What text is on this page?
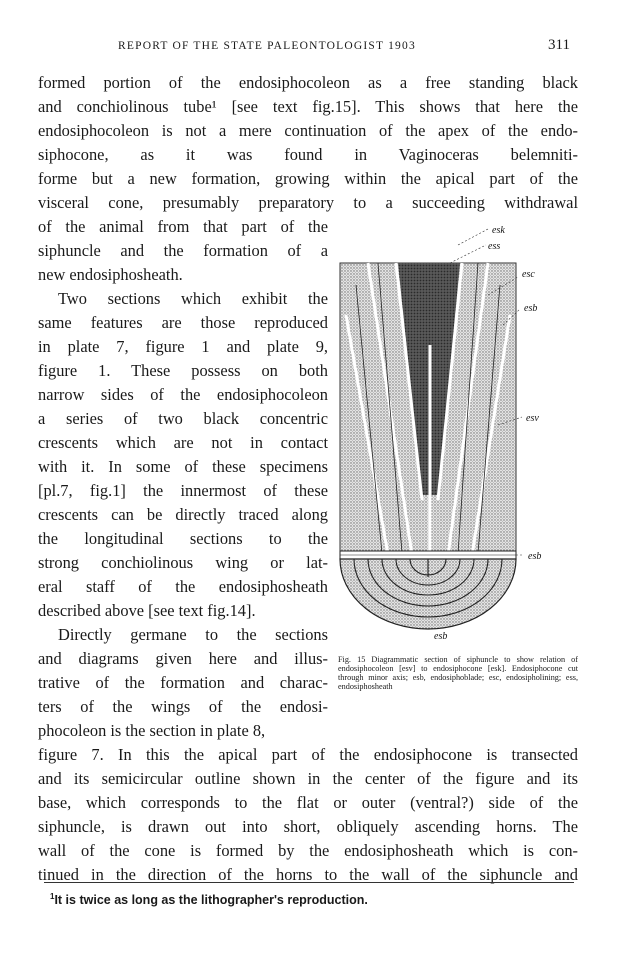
REPORT OF THE STATE PALEONTOLOGIST 1903	311
formed portion of the endosiphocoleon as a free standing black
and conchiolinous tube¹ [see text fig.15]. This shows that here the
endosiphocoleon is not a mere continuation of the apex of the endo-
siphocone, as it was found in Vaginoceras belemniti-
forme but a new formation, growing within the apical part of the
visceral cone, presumably preparatory to a succeeding withdrawal
of the animal from that part of the
siphuncle and the formation of a
new endosiphosheath.
Two sections which exhibit the
same features are those reproduced
in plate 7, figure 1 and plate 9,
figure 1. These possess on both
narrow sides of the endosiphocoleon
a series of two black concentric
crescents which are not in contact
with it. In some of these specimens
[pl.7, fig.1] the innermost of these
crescents can be directly traced along
the longitudinal sections to the
strong conchiolinous wing or lat-
eral staff of the endosiphosheath
described above [see text fig.14].
Directly germane to the sections
and diagrams given here and illus-
trative of the formation and charac-
ters of the wings of the endosi-
phocoleon is the section in plate 8,
figure 7. In this the apical part of the endosiphocone is transected
and its semicircular outline shown in the center of the figure and its
base, which corresponds to the flat or outer (ventral?) side of the
siphuncle, is drawn out into short, obliquely ascending horns. The
wall of the cone is formed by the endosiphosheath which is con-
tinued in the direction of the horns to the wall of the siphuncle and
esk
ess
esc
esb
esv
esb
esb

Fig. 15 Diagrammatic section of siphuncle to show relation of endosiphocoleon [esv] to endosiphocone [esk]. Endosiphocone cut through minor axis; esb, endosiphoblade; esc, endosipholining; ess, endosiphosheath

$^1$It is twice as long as the lithographer's reproduction.
